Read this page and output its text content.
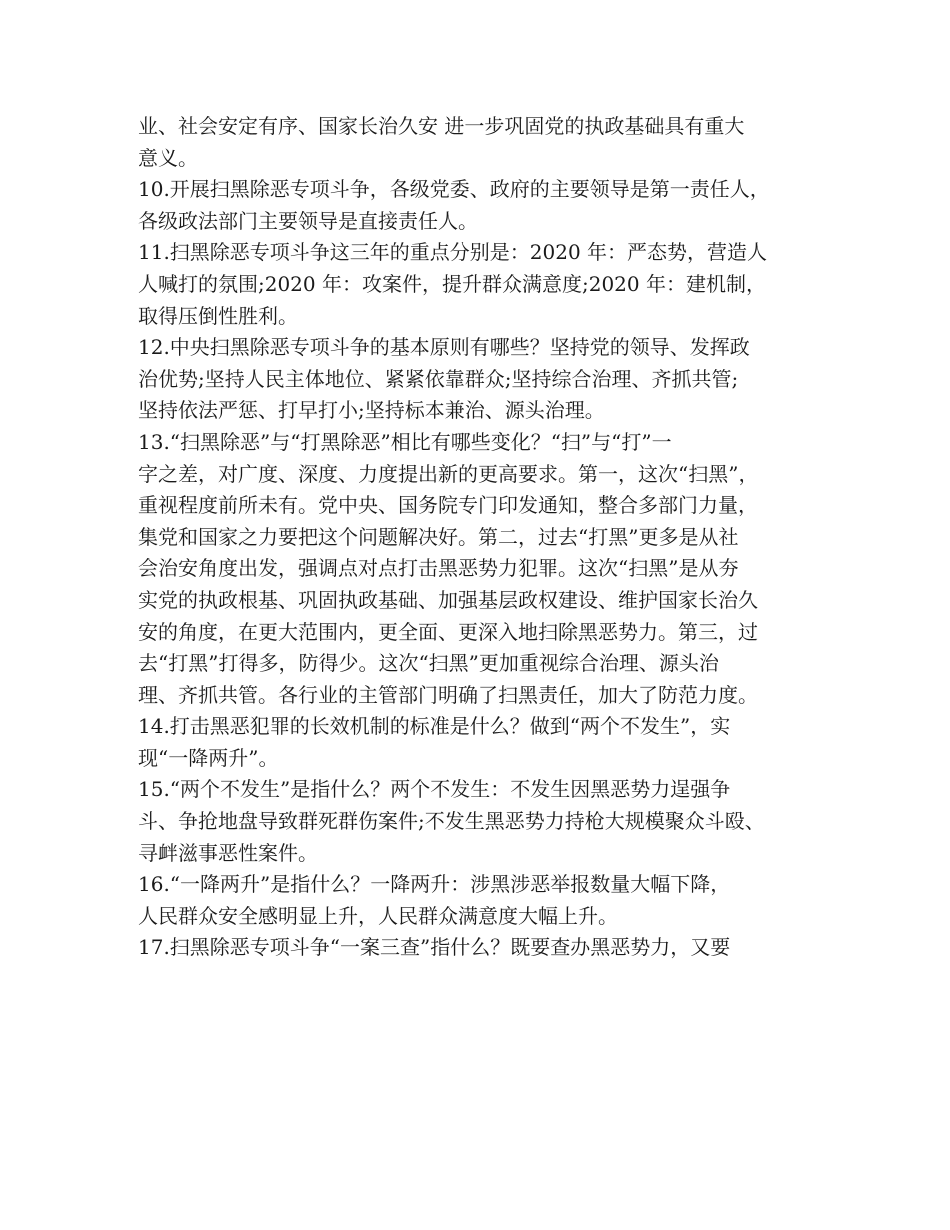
业、社会安定有序、国家长治久安 进一步巩固党的执政基础具有重大
意义。
10.开展扫黑除恶专项斗争，各级党委、政府的主要领导是第一责任人，
各级政法部门主要领导是直接责任人。
11.扫黑除恶专项斗争这三年的重点分别是：2020 年：严态势，营造人
人喊打的氛围;2020 年：攻案件，提升群众满意度;2020 年：建机制，
取得压倒性胜利。
12.中央扫黑除恶专项斗争的基本原则有哪些？坚持党的领导、发挥政
治优势;坚持人民主体地位、紧紧依靠群众;坚持综合治理、齐抓共管;
坚持依法严惩、打早打小;坚持标本兼治、源头治理。
13.“扫黑除恶”与“打黑除恶”相比有哪些变化？“扫”与“打”一
字之差，对广度、深度、力度提出新的更高要求。第一，这次“扫黑”，
重视程度前所未有。党中央、国务院专门印发通知，整合多部门力量，
集党和国家之力要把这个问题解决好。第二，过去“打黑”更多是从社
会治安角度出发，强调点对点打击黑恶势力犯罪。这次“扫黑”是从夯
实党的执政根基、巩固执政基础、加强基层政权建设、维护国家长治久
安的角度，在更大范围内，更全面、更深入地扫除黑恶势力。第三，过
去“打黑”打得多，防得少。这次“扫黑”更加重视综合治理、源头治
理、齐抓共管。各行业的主管部门明确了扫黑责任，加大了防范力度。
14.打击黑恶犯罪的长效机制的标准是什么？做到“两个不发生”，实
现“一降两升”。
15.“两个不发生”是指什么？两个不发生：不发生因黑恶势力逞强争
斗、争抢地盘导致群死群伤案件;不发生黑恶势力持枪大规模聚众斗殴、
寻衅滋事恶性案件。
16.“一降两升”是指什么？一降两升：涉黑涉恶举报数量大幅下降，
人民群众安全感明显上升，人民群众满意度大幅上升。
17.扫黑除恶专项斗争“一案三查”指什么？既要查办黑恶势力，又要
